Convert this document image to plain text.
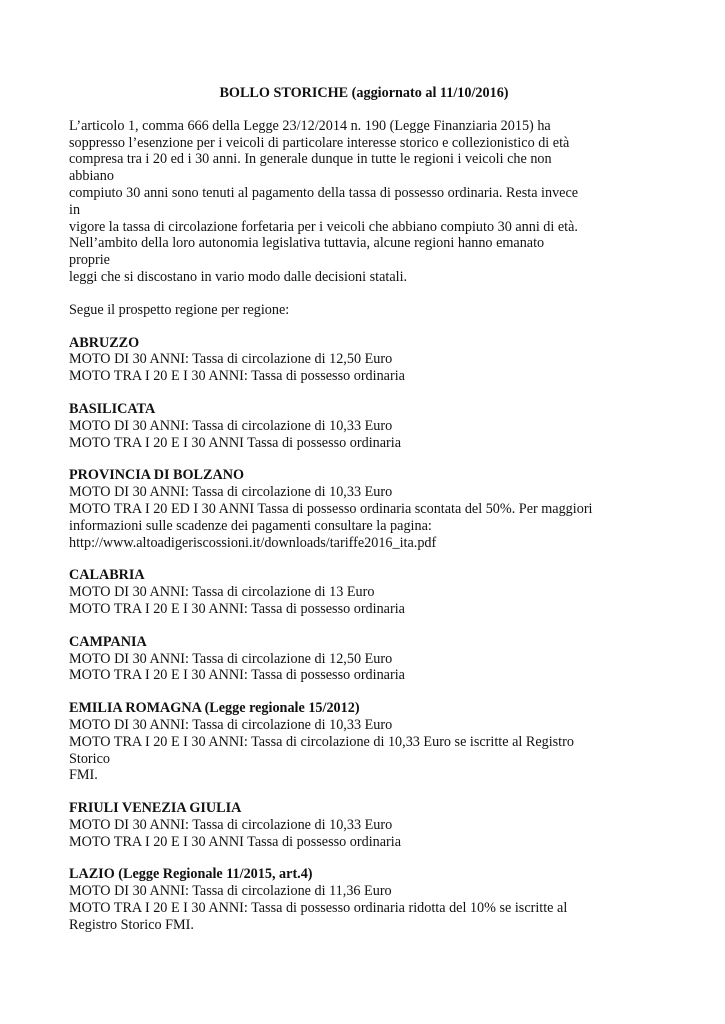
BOLLO STORICHE (aggiornato al 11/10/2016)
L’articolo 1, comma 666 della Legge 23/12/2014 n. 190 (Legge Finanziaria 2015) ha
soppresso l’esenzione per i veicoli di particolare interesse storico e collezionistico di età
compresa tra i 20 ed i 30 anni. In generale dunque in tutte le regioni i veicoli che non
abbiano
compiuto 30 anni sono tenuti al pagamento della tassa di possesso ordinaria. Resta invece
in
vigore la tassa di circolazione forfetaria per i veicoli che abbiano compiuto 30 anni di età.
Nell’ambito della loro autonomia legislativa tuttavia, alcune regioni hanno emanato
proprie
leggi che si discostano in vario modo dalle decisioni statali.
Segue il prospetto regione per regione:
ABRUZZO
MOTO DI 30 ANNI: Tassa di circolazione di 12,50 Euro
MOTO TRA I 20 E I 30 ANNI: Tassa di possesso ordinaria
BASILICATA
MOTO DI 30 ANNI: Tassa di circolazione di 10,33 Euro
MOTO TRA I 20 E I 30 ANNI Tassa di possesso ordinaria
PROVINCIA DI BOLZANO
MOTO DI 30 ANNI: Tassa di circolazione di 10,33 Euro
MOTO TRA I 20 ED I 30 ANNI Tassa di possesso ordinaria scontata del 50%. Per maggiori
informazioni sulle scadenze dei pagamenti consultare la pagina:
http://www.altoadigeriscossioni.it/downloads/tariffe2016_ita.pdf
CALABRIA
MOTO DI 30 ANNI: Tassa di circolazione di 13 Euro
MOTO TRA I 20 E I 30 ANNI: Tassa di possesso ordinaria
CAMPANIA
MOTO DI 30 ANNI: Tassa di circolazione di 12,50 Euro
MOTO TRA I 20 E I 30 ANNI: Tassa di possesso ordinaria
EMILIA ROMAGNA (Legge regionale 15/2012)
MOTO DI 30 ANNI: Tassa di circolazione di 10,33 Euro
MOTO TRA I 20 E I 30 ANNI: Tassa di circolazione di 10,33 Euro se iscritte al Registro
Storico
FMI.
FRIULI VENEZIA GIULIA
MOTO DI 30 ANNI: Tassa di circolazione di 10,33 Euro
MOTO TRA I 20 E I 30 ANNI Tassa di possesso ordinaria
LAZIO (Legge Regionale 11/2015, art.4)
MOTO DI 30 ANNI: Tassa di circolazione di 11,36 Euro
MOTO TRA I 20 E I 30 ANNI: Tassa di possesso ordinaria ridotta del 10% se iscritte al
Registro Storico FMI.
